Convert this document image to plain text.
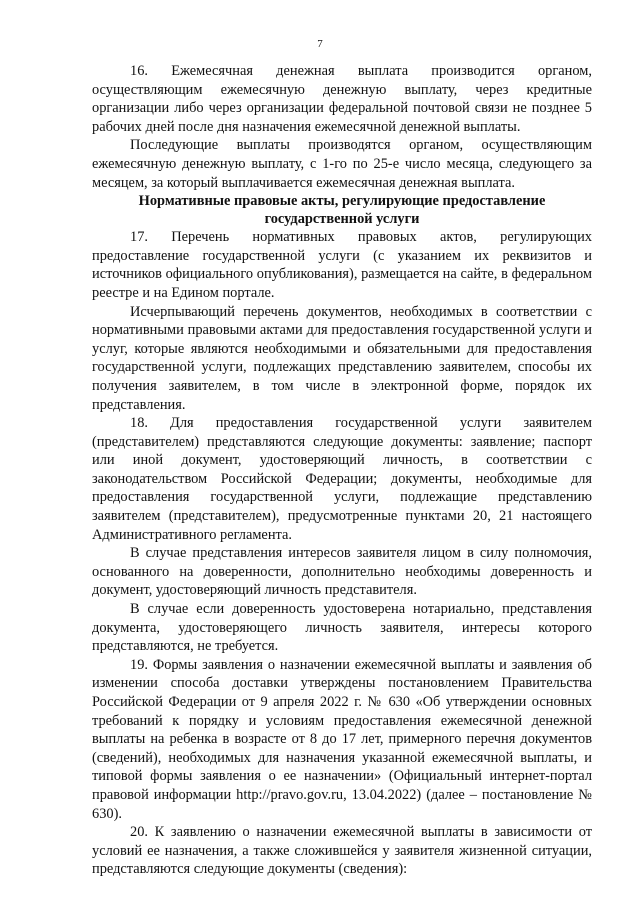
7

16. Ежемесячная денежная выплата производится органом, осуществляющим ежемесячную денежную выплату, через кредитные организации либо через организации федеральной почтовой связи не позднее 5 рабочих дней после дня назначения ежемесячной денежной выплаты.

Последующие выплаты производятся органом, осуществляющим ежемесячную денежную выплату, с 1-го по 25-е число месяца, следующего за месяцем, за который выплачивается ежемесячная денежная выплата.

Нормативные правовые акты, регулирующие предоставление государственной услуги

17. Перечень нормативных правовых актов, регулирующих предоставление государственной услуги (с указанием их реквизитов и источников официального опубликования), размещается на сайте, в федеральном реестре и на Едином портале.

Исчерпывающий перечень документов, необходимых в соответствии с нормативными правовыми актами для предоставления государственной услуги и услуг, которые являются необходимыми и обязательными для предоставления государственной услуги, подлежащих представлению заявителем, способы их получения заявителем, в том числе в электронной форме, порядок их представления.

18. Для предоставления государственной услуги заявителем (представителем) представляются следующие документы: заявление; паспорт или иной документ, удостоверяющий личность, в соответствии с законодательством Российской Федерации; документы, необходимые для предоставления государственной услуги, подлежащие представлению заявителем (представителем), предусмотренные пунктами 20, 21 настоящего Административного регламента.

В случае представления интересов заявителя лицом в силу полномочия, основанного на доверенности, дополнительно необходимы доверенность и документ, удостоверяющий личность представителя.

В случае если доверенность удостоверена нотариально, представления документа, удостоверяющего личность заявителя, интересы которого представляются, не требуется.

19. Формы заявления о назначении ежемесячной выплаты и заявления об изменении способа доставки утверждены постановлением Правительства Российской Федерации от 9 апреля 2022 г. № 630 «Об утверждении основных требований к порядку и условиям предоставления ежемесячной денежной выплаты на ребенка в возрасте от 8 до 17 лет, примерного перечня документов (сведений), необходимых для назначения указанной ежемесячной выплаты, и типовой формы заявления о ее назначении» (Официальный интернет-портал правовой информации http://pravo.gov.ru, 13.04.2022) (далее – постановление № 630).

20. К заявлению о назначении ежемесячной выплаты в зависимости от условий ее назначения, а также сложившейся у заявителя жизненной ситуации, представляются следующие документы (сведения):
